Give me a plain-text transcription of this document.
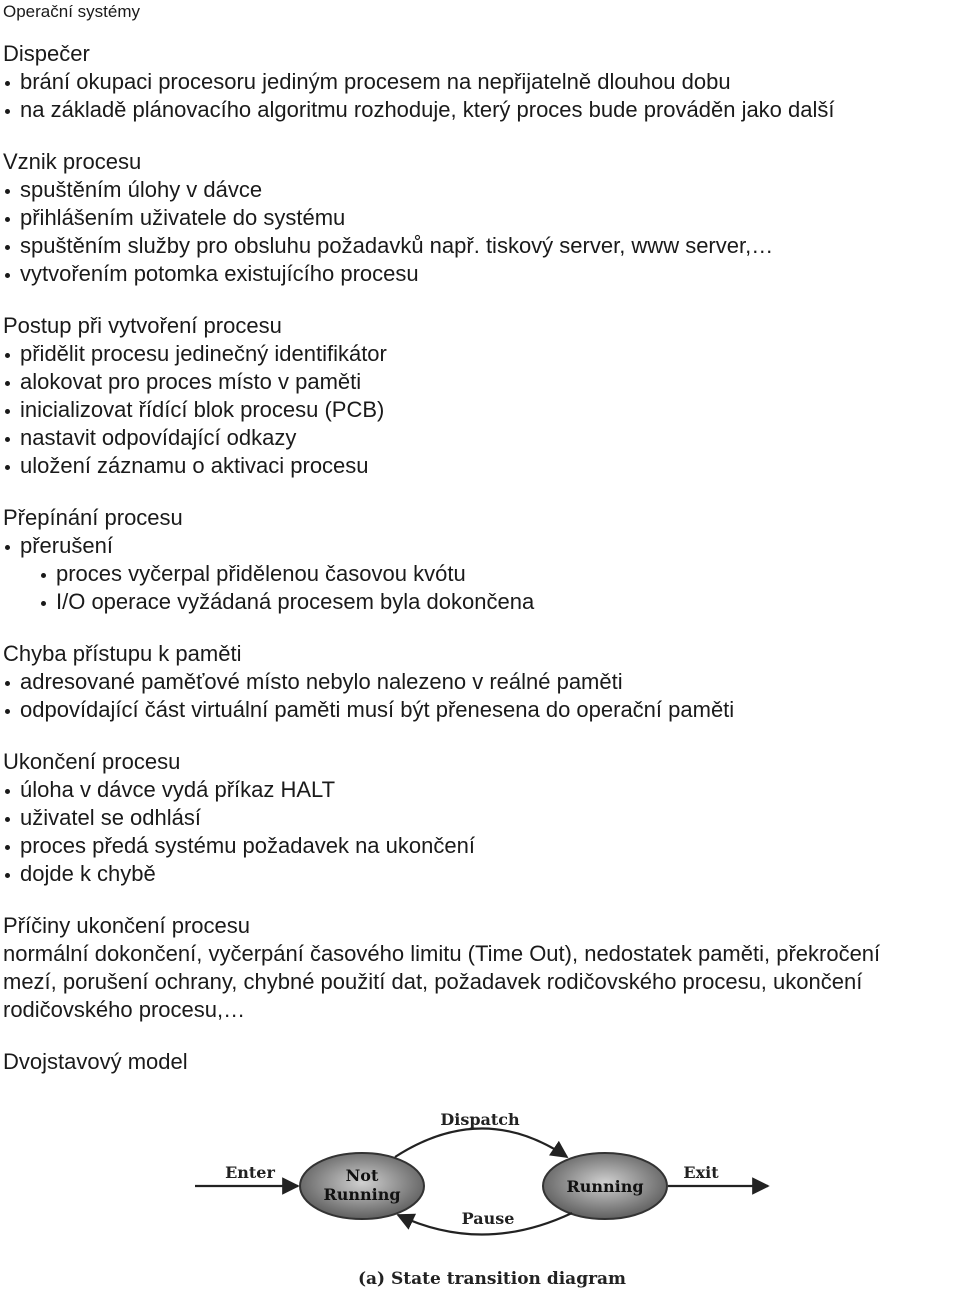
Operační systémy
Dispečer
brání okupaci procesoru jediným procesem na nepřijatelně dlouhou dobu
na základě plánovacího algoritmu rozhoduje, který proces bude prováděn jako další
Vznik procesu
spuštěním úlohy v dávce
přihlášením uživatele do systému
spuštěním služby pro obsluhu požadavků např. tiskový server, www server,…
vytvořením potomka existujícího procesu
Postup při vytvoření procesu
přidělit procesu jedinečný identifikátor
alokovat pro proces místo v paměti
inicializovat řídící blok procesu (PCB)
nastavit odpovídající odkazy
uložení záznamu o aktivaci procesu
Přepínání procesu
přerušení
proces vyčerpal přidělenou časovou kvótu
I/O operace vyžádaná procesem byla dokončena
Chyba přístupu k paměti
adresované paměťové místo nebylo nalezeno v reálné paměti
odpovídající část virtuální paměti musí být přenesena do operační paměti
Ukončení procesu
úloha v dávce vydá příkaz HALT
uživatel se odhlásí
proces předá systému požadavek na ukončení
dojde k chybě
Příčiny ukončení procesu

normální dokončení, vyčerpání časového limitu (Time Out), nedostatek paměti, překročení

mezí, porušení ochrany, chybné použití dat, požadavek rodičovského procesu, ukončení

rodičovského procesu,…

Dvojstavový model
Enter	Not
Running	Running
Dispatch
Pause
Exit
(a) State transition diagram
